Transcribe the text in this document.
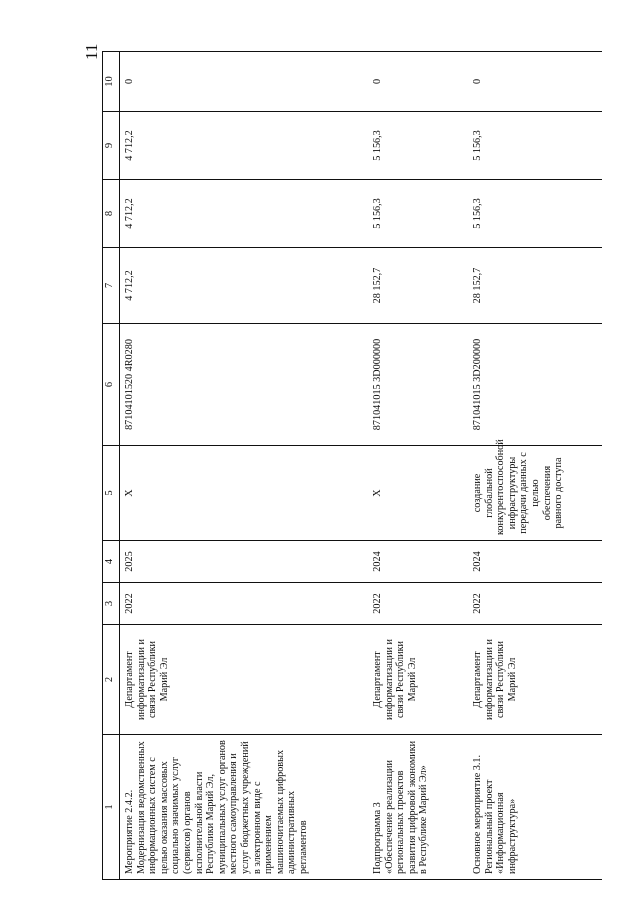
11
1	2	3	4	5	6	7	8	9	10
Мероприятие 2.4.2. Модернизация ведомственных информационных систем с целью оказания массовых социально значимых услуг (сервисов) органов исполнительной власти Республики Марий Эл, муниципальных услуг органов местного самоуправления и услуг бюджетных учреждений в электронном виде с применением машиночитаемых цифровых административных регламентов	Департамент информатизации и связи Республики Марий Эл	2022	2025	X	87104101520 4R0280	4 712,2	4 712,2	4 712,2	0
Подпрограмма 3 «Обеспечение реализации региональных проектов развития цифровой экономики в Республике Марий Эл»	Департамент информатизации и связи Республики Марий Эл	2022	2024	X	871041015 3D000000	28 152,7	5 156,3	5 156,3	0
Основное мероприятие 3.1. Региональный проект «Информационная инфраструктура»	Департамент информатизации и связи Республики Марий Эл	2022	2024	создание глобальной конкурентоспособной инфраструктуры передачи данных с целью обеспечения равного доступа	871041015 3D200000	28 152,7	5 156,3	5 156,3	0
